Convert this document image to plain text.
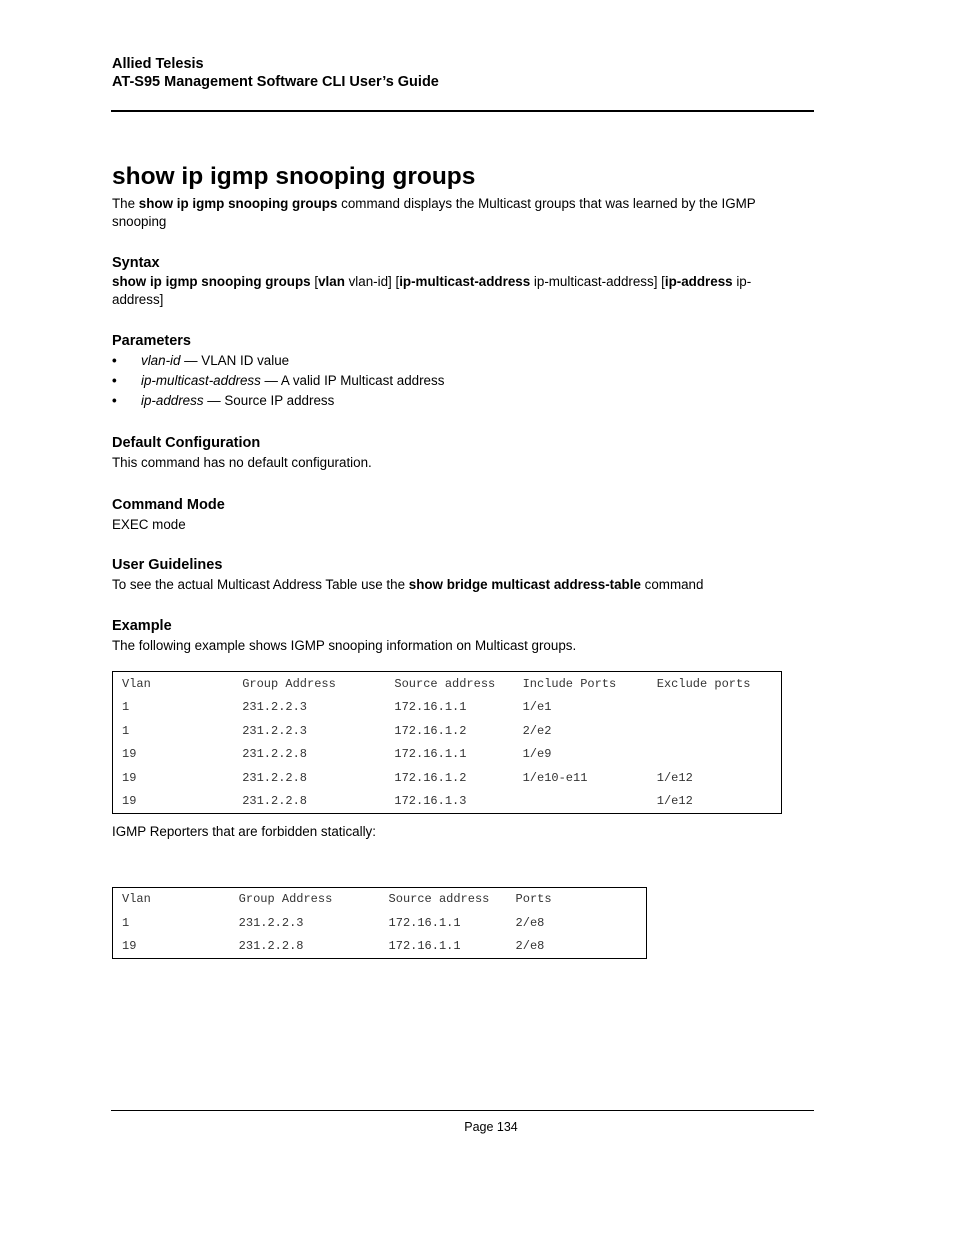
Allied Telesis
AT-S95 Management Software CLI User’s Guide
show ip igmp snooping groups

The show ip igmp snooping groups command displays the Multicast groups that was learned by the IGMP snooping

Syntax

show ip igmp snooping groups [vlan vlan-id] [ip-multicast-address ip-multicast-address] [ip-address ip-address]

Parameters

• vlan-id — VLAN ID value
• ip-multicast-address — A valid IP Multicast address
• ip-address — Source IP address

Default Configuration

This command has no default configuration.

Command Mode

EXEC mode

User Guidelines

To see the actual Multicast Address Table use the show bridge multicast address-table command

Example

The following example shows IGMP snooping information on Multicast groups.

Vlan	Group Address	Source address	Include Ports	Exclude ports
1	231.2.2.3	172.16.1.1	1/e1	
1	231.2.2.3	172.16.1.2	2/e2	
19	231.2.2.8	172.16.1.1	1/e9	
19	231.2.2.8	172.16.1.2	1/e10-e11	1/e12
19	231.2.2.8	172.16.1.3		1/e12

IGMP Reporters that are forbidden statically:

Vlan	Group Address	Source address	Ports
1	231.2.2.3	172.16.1.1	2/e8
19	231.2.2.8	172.16.1.1	2/e8
Page 134
